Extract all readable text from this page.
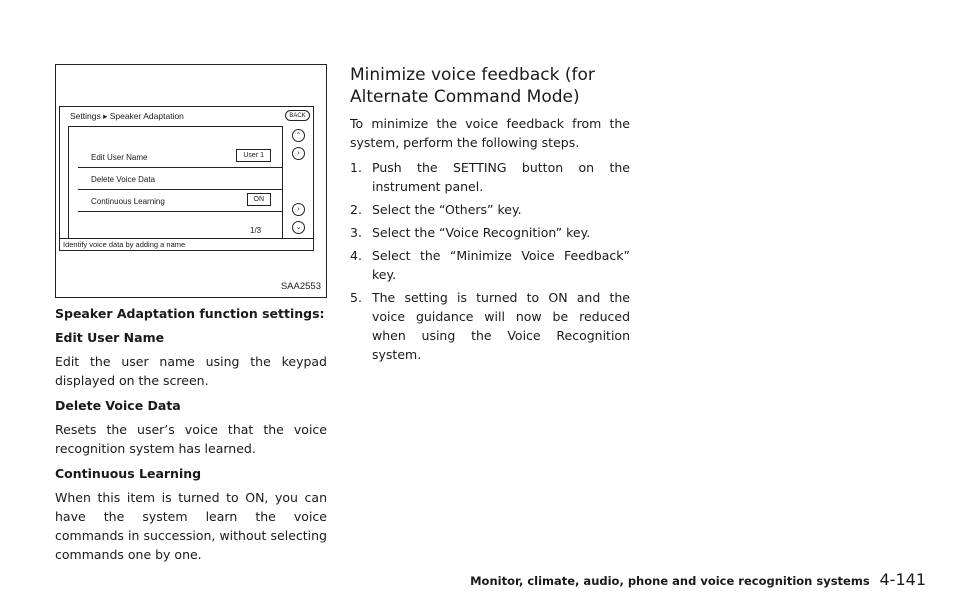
Settings ▸ Speaker Adaptation	BACK
Edit User Name	User 1
Delete Voice Data
Continuous Learning	ON
⌃
›
›
⌄
1/3
Identify voice data by adding a name
SAA2553

Speaker Adaptation function settings:

Edit User Name

Edit the user name using the keypad displayed on the screen.

Delete Voice Data

Resets the user’s voice that the voice recognition system has learned.

Continuous Learning

When this item is turned to ON, you can have the system learn the voice commands in succession, without selecting commands one by one.

Minimize voice feedback (for Alternate Command Mode)

To minimize the voice feedback from the system, perform the following steps.

1. Push the SETTING button on the instrument panel.
2. Select the “Others” key.
3. Select the “Voice Recognition” key.
4. Select the “Minimize Voice Feedback” key.
5. The setting is turned to ON and the voice guidance will now be reduced when using the Voice Recognition system.
Monitor, climate, audio, phone and voice recognition systems 4-141
